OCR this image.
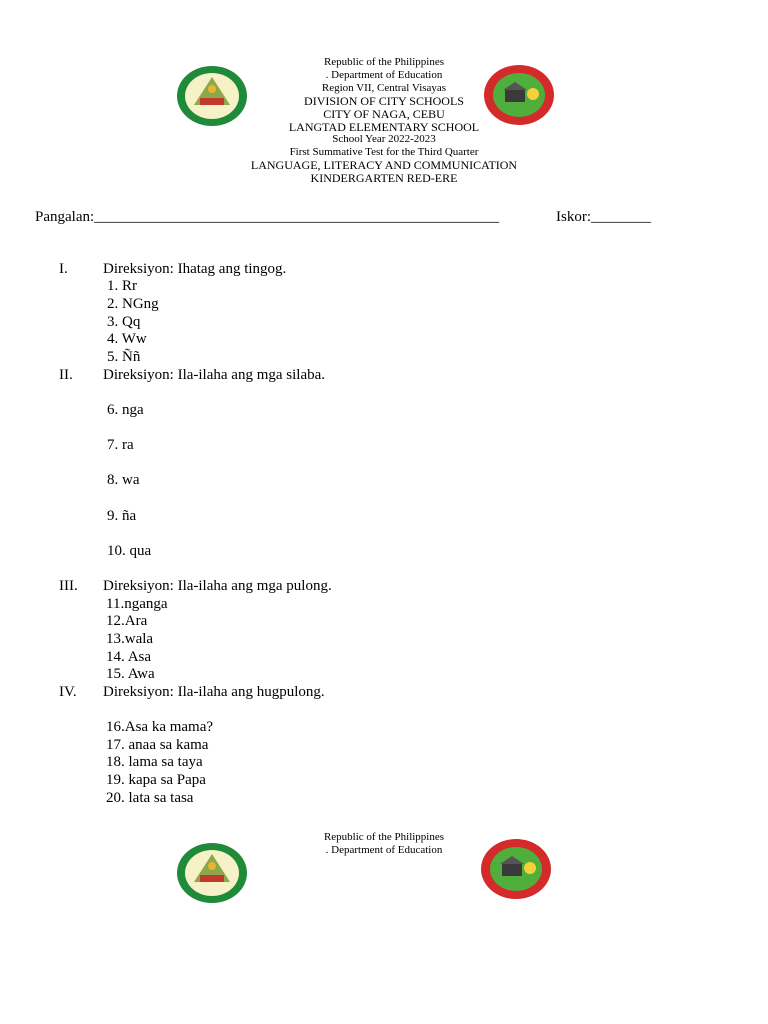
Republic of the Philippines
. Department of Education
Region VII, Central Visayas
DIVISION OF CITY SCHOOLS
CITY OF NAGA, CEBU
LANGTAD ELEMENTARY SCHOOL
School Year 2022-2023
First Summative Test for the Third Quarter
LANGUAGE, LITERACY AND COMMUNICATION
KINDERGARTEN RED-ERE
Pangalan:______________________________________________________	Iskor:________
I.	Direksiyon: Ihatag ang tingog.
1. Rr
2. NGng
3. Qq
4. Ww
5. Ññ
II.	Direksiyon: Ila-ilaha ang mga silaba.
6. nga
7. ra
8. wa
9. ña
10. qua
III.	Direksiyon: Ila-ilaha ang mga pulong.
11.nganga
12.Ara
13.wala
14. Asa
15. Awa
IV.	Direksiyon: Ila-ilaha ang hugpulong.
16.Asa ka mama?
17. anaa sa kama
18. lama sa taya
19. kapa sa Papa
20. lata sa tasa
Republic of the Philippines
. Department of Education
